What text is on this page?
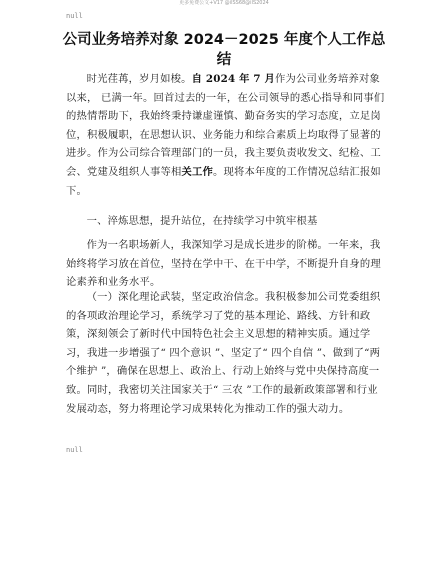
更多免费公文+V17 @ilSS68@ilS2024
null
公司业务培养对象 2024－2025 年度个人工作总结
时光荏苒，岁月如梭。自 2024 年 7 月作为公司业务培养对象以来， 已满一年。回首过去的一年，在公司领导的悉心指导和同事们的热情帮助下，我始终秉持谦虚谨慎、勤奋务实的学习态度，立足岗位，积极履职，在思想认识、业务能力和综合素质上均取得了显著的进步。作为公司综合管理部门的一员，我主要负责收发文、纪检、工会、党建及组织人事等相关工作。现将本年度的工作情况总结汇报如下。
一、淬炼思想，提升站位，在持续学习中筑牢根基
作为一名职场新人，我深知学习是成长进步的阶梯。一年来，我始终将学习放在首位，坚持在学中干、在干中学，不断提升自身的理论素养和业务水平。
（一）深化理论武装，坚定政治信念。我积极参加公司党委组织的各项政治理论学习，系统学习了党的基本理论、路线、方针和政策，深刻领会了新时代中国特色社会主义思想的精神实质。通过学习，我进一步增强了“ 四个意识 ”、坚定了“ 四个自信 ”、做到了“两个维护 ”，确保在思想上、政治上、行动上始终与党中央保持高度一致。同时，我密切关注国家关于“ 三农 ”工作的最新政策部署和行业发展动态，努力将理论学习成果转化为推动工作的强大动力。
null
